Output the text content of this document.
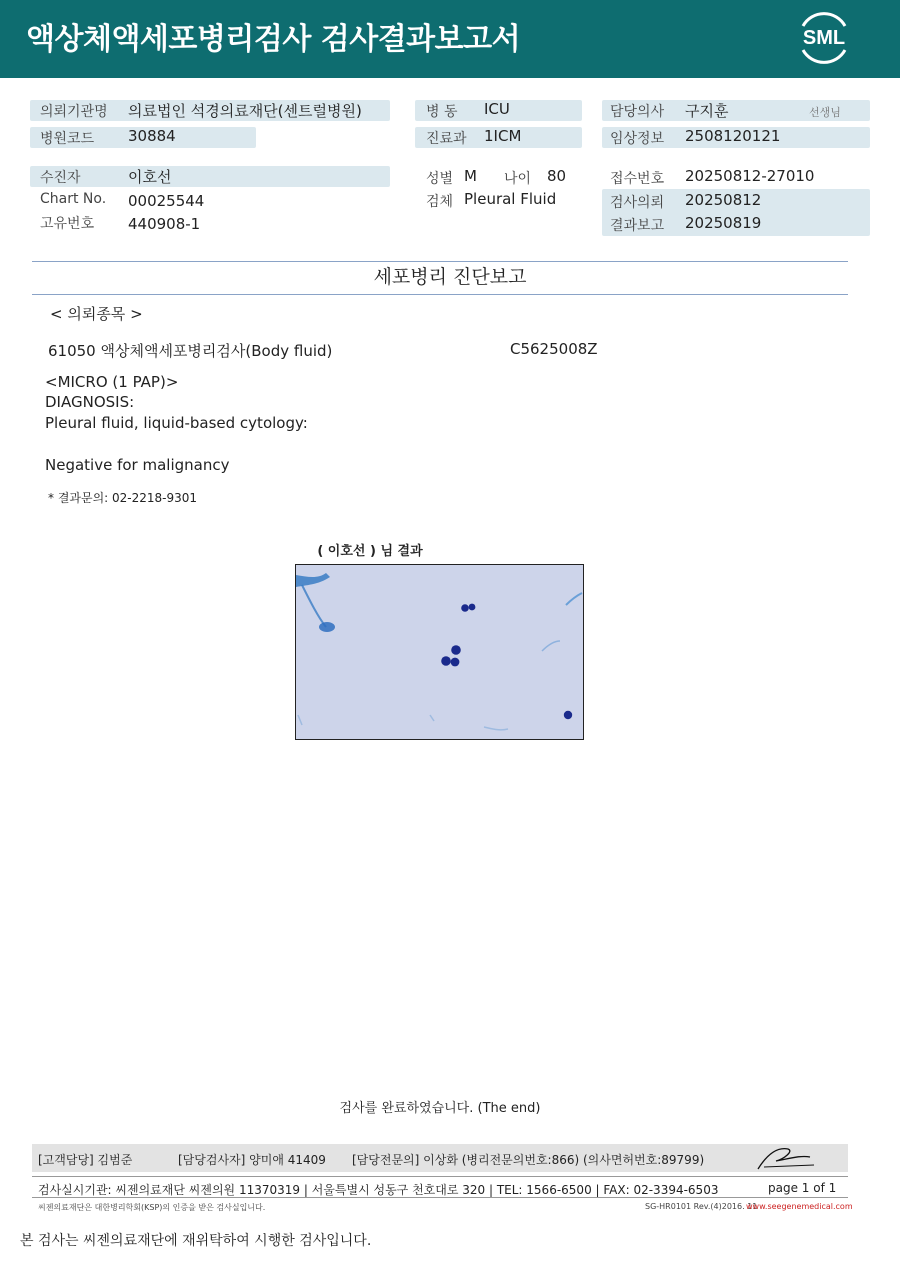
액상체액세포병리검사 검사결과보고서	SML
의뢰기관명 의료법인 석경의료재단(센트럴병원)
병원코드 30884
수진자	이호선
Chart No. 00025544
고유번호 440908-1
병 동 ICU
진료과 1ICM
성별 M 나이 80
검체 Pleural Fluid
담당의사 구지훈	선생님
임상정보 2508120121
접수번호 20250812-27010
검사의뢰 20250812
결과보고 20250819
세포병리 진단보고
< 의뢰종목 >
61050 액상체액세포병리검사(Body fluid)	C5625008Z
<MICRO (1 PAP)>
DIAGNOSIS:
Pleural fluid, liquid-based cytology:
Negative for malignancy
* 결과문의: 02-2218-9301
( 이호선 ) 님 결과
검사를 완료하였습니다. (The end)
[고객담당] 김범준	[담당검사자] 양미애 41409 [담당전문의] 이상화 (병리전문의번호:866) (의사면허번호:89799)
검사실시기관: 씨젠의료재단 씨젠의원 11370319 | 서울특별시 성동구 천호대로 320 | TEL: 1566-6500 | FAX: 02-3394-6503	page 1 of 1
씨젠의료재단은 대한병리학회(KSP)의 인증을 받은 검사실입니다.	SG-HR0101 Rev.(4)2016. 11
www.seegenemedical.com
본 검사는 씨젠의료재단에 재위탁하여 시행한 검사입니다.
